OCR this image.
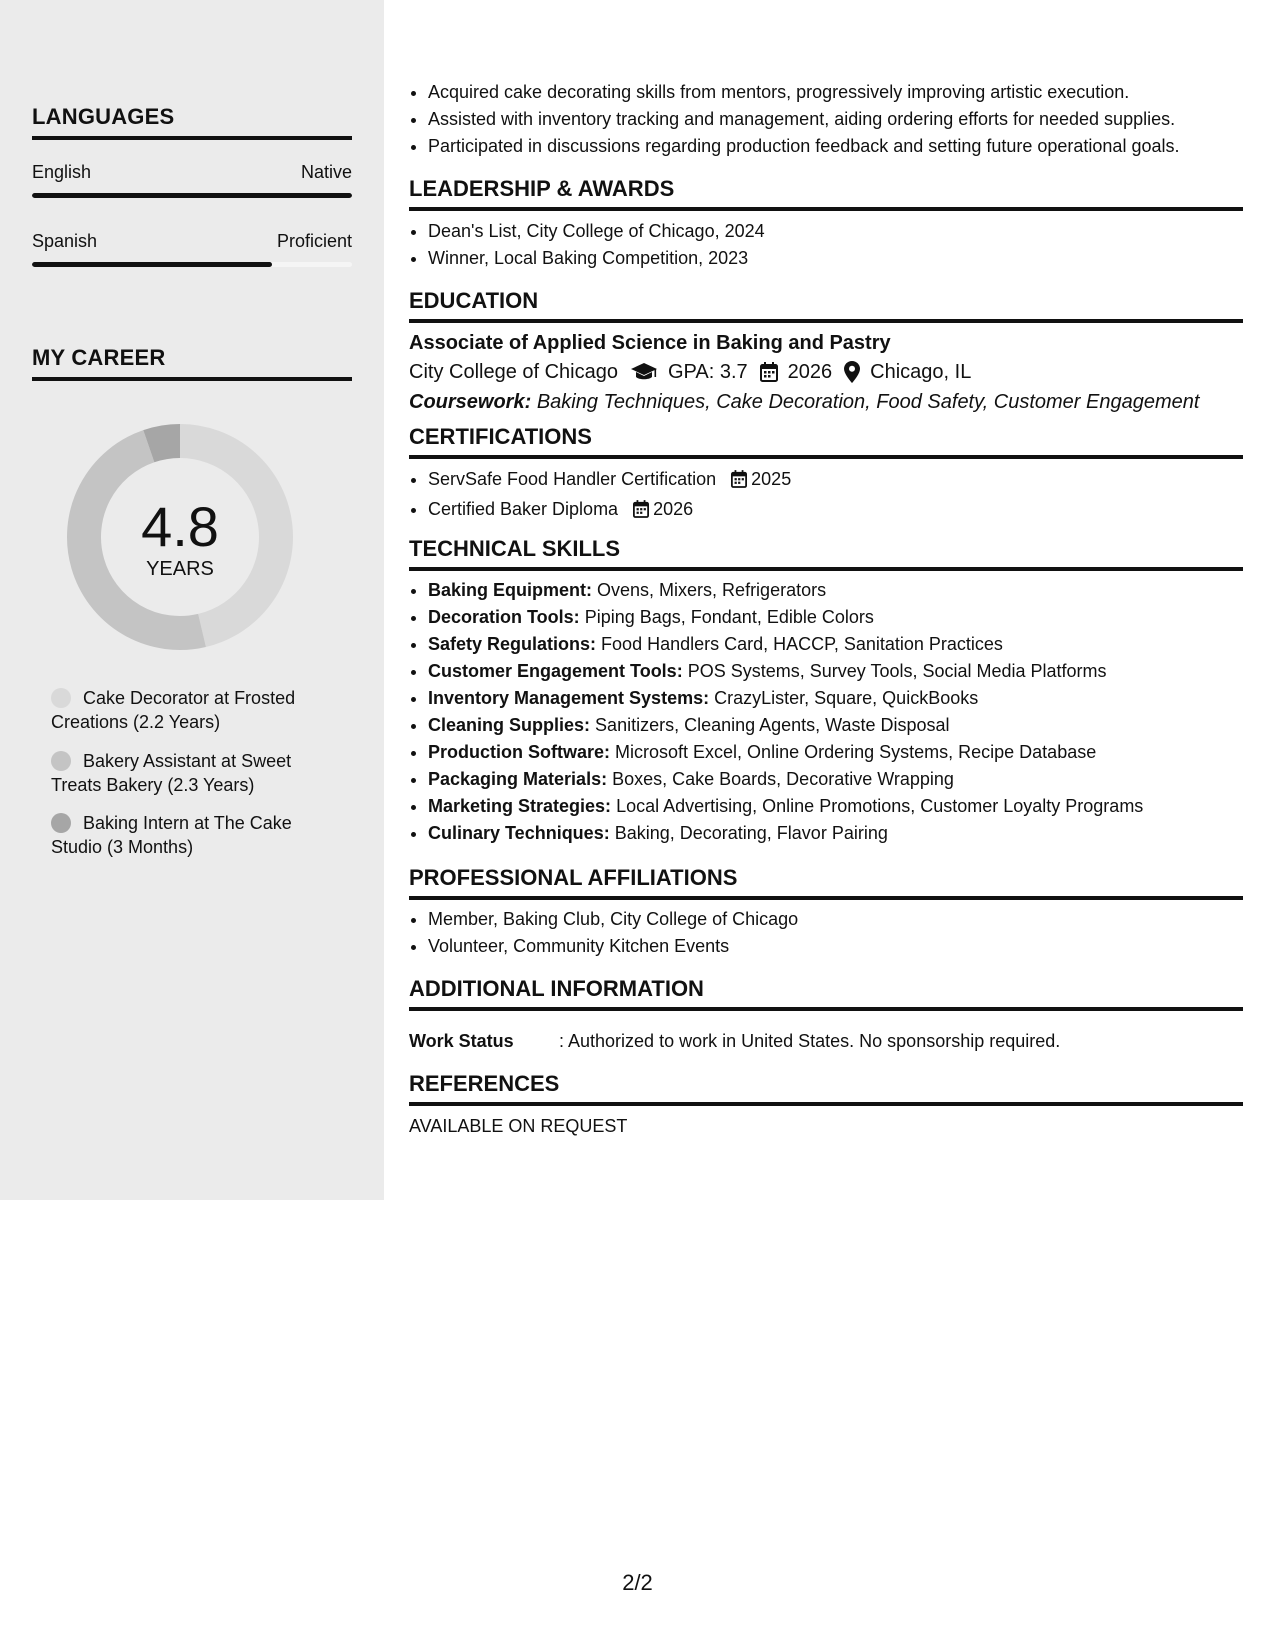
LANGUAGES
English	Native
Spanish	Proficient
MY CAREER
4.8
YEARS
Cake Decorator at Frosted Creations (2.2 Years)
Bakery Assistant at Sweet Treats Bakery (2.3 Years)
Baking Intern at The Cake Studio (3 Months)
• Acquired cake decorating skills from mentors, progressively improving artistic execution.
• Assisted with inventory tracking and management, aiding ordering efforts for needed supplies.
• Participated in discussions regarding production feedback and setting future operational goals.
LEADERSHIP & AWARDS
• Dean's List, City College of Chicago, 2024
• Winner, Local Baking Competition, 2023
EDUCATION
Associate of Applied Science in Baking and Pastry
City College of Chicago	GPA: 3.7 2026 Chicago, IL
Coursework: Baking Techniques, Cake Decoration, Food Safety, Customer Engagement
CERTIFICATIONS
• ServSafe Food Handler Certification 2025
• Certified Baker Diploma 2026
TECHNICAL SKILLS
• Baking Equipment: Ovens, Mixers, Refrigerators
• Decoration Tools: Piping Bags, Fondant, Edible Colors
• Safety Regulations: Food Handlers Card, HACCP, Sanitation Practices
• Customer Engagement Tools: POS Systems, Survey Tools, Social Media Platforms
• Inventory Management Systems: CrazyLister, Square, QuickBooks
• Cleaning Supplies: Sanitizers, Cleaning Agents, Waste Disposal
• Production Software: Microsoft Excel, Online Ordering Systems, Recipe Database
• Packaging Materials: Boxes, Cake Boards, Decorative Wrapping
• Marketing Strategies: Local Advertising, Online Promotions, Customer Loyalty Programs
• Culinary Techniques: Baking, Decorating, Flavor Pairing
PROFESSIONAL AFFILIATIONS
• Member, Baking Club, City College of Chicago
• Volunteer, Community Kitchen Events
ADDITIONAL INFORMATION
Work Status	: Authorized to work in United States. No sponsorship required.
REFERENCES
AVAILABLE ON REQUEST
2/2
